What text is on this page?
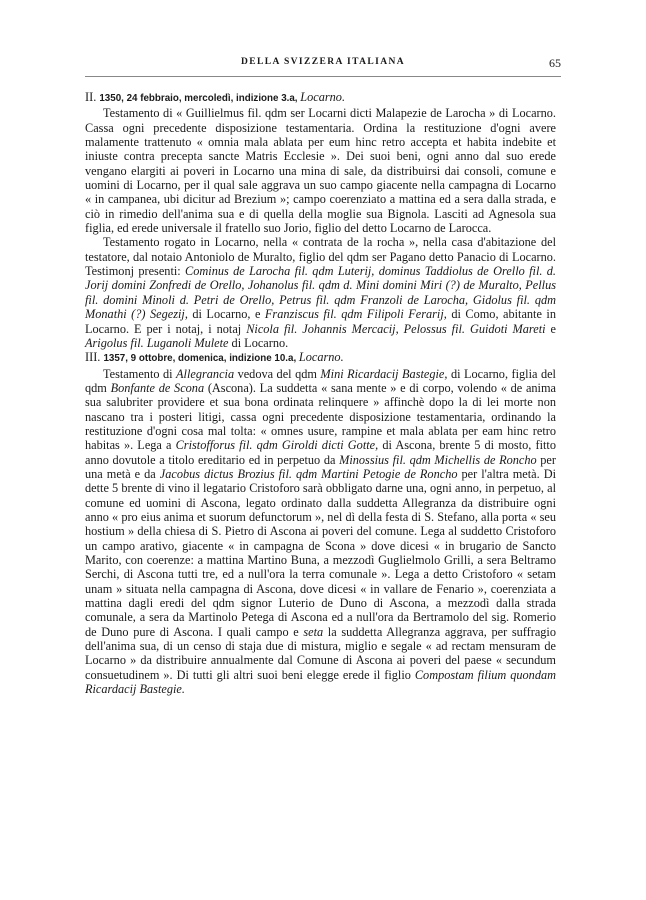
DELLA SVIZZERA ITALIANA	65

II. 1350, 24 febbraio, mercoledì, indizione 3.a, Locarno.

Testamento di « Guillielmus fil. qdm ser Locarni dicti Malapezie de Larocha » di Locarno. Cassa ogni precedente disposizione testamentaria. Ordina la restituzione d'ogni avere malamente trattenuto « omnia mala ablata per eum hinc retro accepta et habita indebite et iniuste contra precepta sancte Matris Ecclesie ». Dei suoi beni, ogni anno dal suo erede vengano elargiti ai poveri in Locarno una mina di sale, da distribuirsi dai consoli, comune e uomini di Locarno, per il qual sale aggrava un suo campo giacente nella campagna di Locarno « in campanea, ubi dicitur ad Brezium »; campo coerenziato a mattina ed a sera dalla strada, e ciò in rimedio dell'anima sua e di quella della moglie sua Bignola. Lasciti ad Agnesola sua figlia, ed erede universale il fratello suo Jorio, figlio del detto Locarno de Larocca.

Testamento rogato in Locarno, nella « contrata de la rocha », nella casa d'abitazione del testatore, dal notaio Antoniolo de Muralto, figlio del qdm ser Pagano detto Panacio di Locarno. Testimonj presenti: Cominus de Larocha fil. qdm Luterij, dominus Taddiolus de Orello fil. d. Jorij domini Zonfredi de Orello, Johanolus fil. qdm d. Mini domini Miri (?) de Muralto, Pellus fil. domini Minoli d. Petri de Orello, Petrus fil. qdm Franzoli de Larocha, Gidolus fil. qdm Monathi (?) Segezij, di Locarno, e Franziscus fil. qdm Filipoli Ferarij, di Como, abitante in Locarno. E per i notaj, i notaj Nicola fil. Johannis Mercacij, Pelossus fil. Guidoti Mareti e Arigolus fil. Luganoli Mulete di Locarno.

III. 1357, 9 ottobre, domenica, indizione 10.a, Locarno.

Testamento di Allegrancia vedova del qdm Mini Ricardacij Bastegie, di Locarno, figlia del qdm Bonfante de Scona (Ascona). La suddetta « sana mente » e di corpo, volendo « de anima sua salubriter providere et sua bona ordinata relinquere » affinchè dopo la di lei morte non nascano tra i posteri litigi, cassa ogni precedente disposizione testamentaria, ordinando la restituzione d'ogni cosa mal tolta: « omnes usure, rampine et mala ablata per eam hinc retro habitas ». Lega a Cristofforus fil. qdm Giroldi dicti Gotte, di Ascona, brente 5 di mosto, fitto anno dovutole a titolo ereditario ed in perpetuo da Minossius fil. qdm Michellis de Roncho per una metà e da Jacobus dictus Brozius fil. qdm Martini Petogie de Roncho per l'altra metà. Di dette 5 brente di vino il legatario Cristoforo sarà obbligato darne una, ogni anno, in perpetuo, al comune ed uomini di Ascona, legato ordinato dalla suddetta Allegranza da distribuire ogni anno « pro eius anima et suorum defunctorum », nel dì della festa di S. Stefano, alla porta « seu hostium » della chiesa di S. Pietro di Ascona ai poveri del comune. Lega al suddetto Cristoforo un campo arativo, giacente « in campagna de Scona » dove dicesi « in brugario de Sancto Marito, con coerenze: a mattina Martino Buna, a mezzodì Guglielmolo Grilli, a sera Beltramo Serchi, di Ascona tutti tre, ed a null'ora la terra comunale ». Lega a detto Cristoforo « setam unam » situata nella campagna di Ascona, dove dicesi « in vallare de Fenario », coerenziata a mattina dagli eredi del qdm signor Luterio de Duno di Ascona, a mezzodì dalla strada comunale, a sera da Martinolo Petega di Ascona ed a null'ora da Bertramolo del sig. Romerio de Duno pure di Ascona. I quali campo e seta la suddetta Allegranza aggrava, per suffragio dell'anima sua, di un censo di staja due di mistura, miglio e segale « ad rectam mensuram de Locarno » da distribuire annualmente dal Comune di Ascona ai poveri del paese « secundum consuetudinem ». Di tutti gli altri suoi beni elegge erede il figlio Compostam filium quondam Ricardacij Bastegie.
